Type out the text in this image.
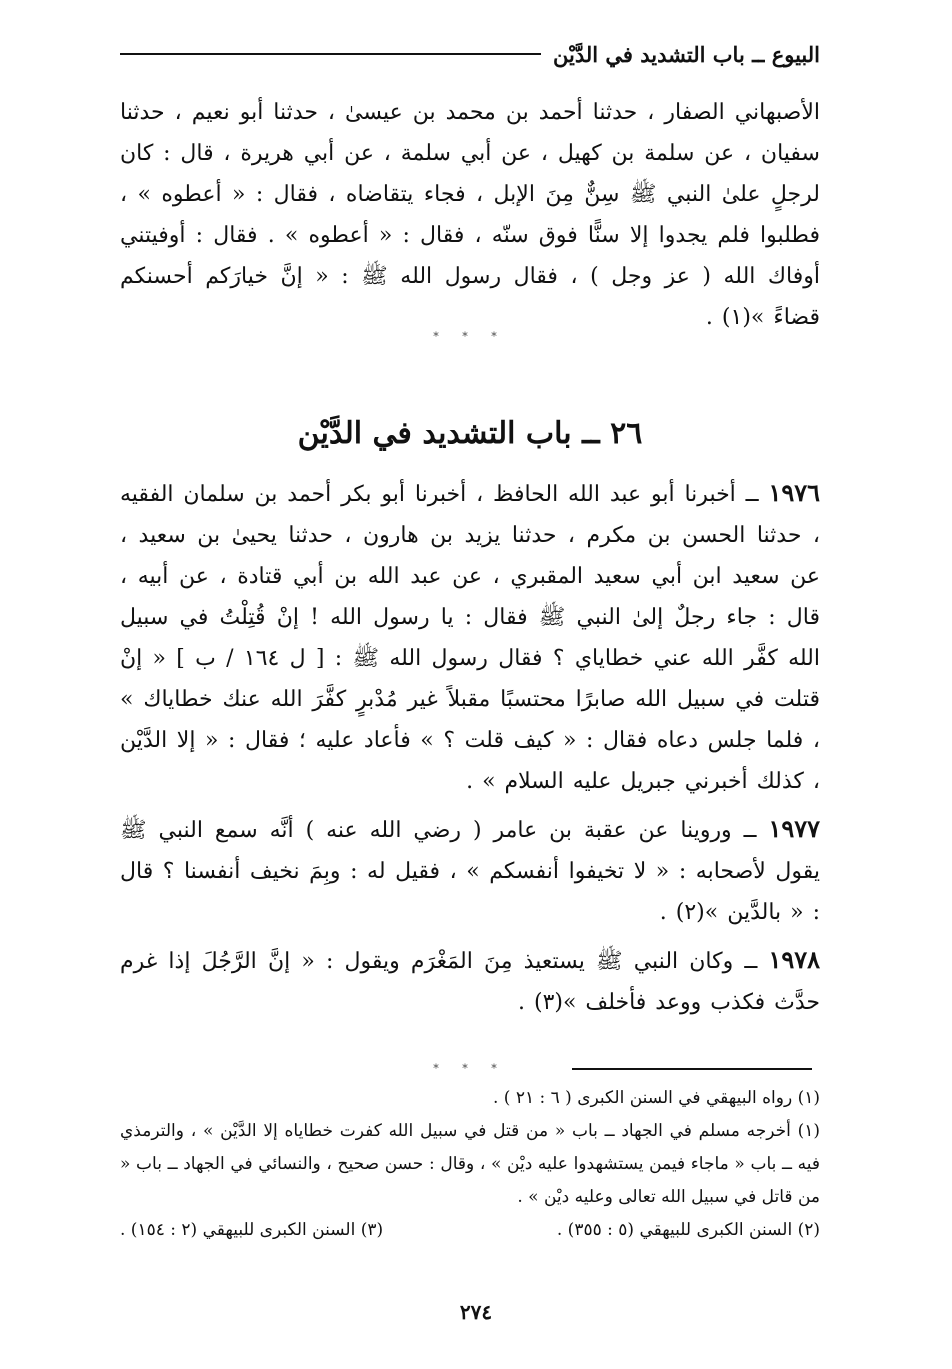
البيوع ــ باب التشديد في الدَّيْن

الأصبهاني الصفار ، حدثنا أحمد بن محمد بن عيسىٰ ، حدثنا أبو نعيم ، حدثنا سفيان ، عن سلمة بن كهيل ، عن أبي سلمة ، عن أبي هريرة ، قال : كان لرجلٍ علىٰ النبي ﷺ سِنٌّ مِنَ الإبل ، فجاء يتقاضاه ، فقال : « أعطوه » ، فطلبوا فلم يجدوا إلا سنًّا فوق سنّه ، فقال : « أعطوه » . فقال : أوفيتني أوفاك الله ( عز وجل ) ، فقال رسول الله ﷺ : « إنَّ خيارَكم أحسنكم قضاءً »(١) .

* * *
٢٦ ــ باب التشديد في الدَّيْن

١٩٧٦ ــ أخبرنا أبو عبد الله الحافظ ، أخبرنا أبو بكر أحمد بن سلمان الفقيه ، حدثنا الحسن بن مكرم ، حدثنا يزيد بن هارون ، حدثنا يحيىٰ بن سعيد ، عن سعيد ابن أبي سعيد المقبري ، عن عبد الله بن أبي قتادة ، عن أبيه ، قال : جاء رجلٌ إلىٰ النبي ﷺ فقال : يا رسول الله ! إنْ قُتِلْتُ في سبيل الله كفَّر الله عني خطاياي ؟ فقال رسول الله ﷺ : [ ل ١٦٤ / ب ] « إنْ قتلت في سبيل الله صابرًا محتسبًا مقبلاً غير مُدْبرٍ كفَّرَ الله عنك خطاياك » ، فلما جلس دعاه فقال : « كيف قلت ؟ » فأعاد عليه ؛ فقال : « إلا الدَّيْن ، كذلك أخبرني جبريل عليه السلام » .

١٩٧٧ ــ وروينا عن عقبة بن عامر ( رضي الله عنه ) أنَّه سمع النبي ﷺ يقول لأصحابه : « لا تخيفوا أنفسكم » ، فقيل له : وبِمَ نخيف أنفسنا ؟ قال : « بالدَّين »(٢) .

١٩٧٨ ــ وكان النبي ﷺ يستعيذ مِنَ المَغْرَم ويقول : « إنَّ الرَّجُلَ إذا غرم حدَّث فكذب ووعد فأخلف »(٣) .

* * *

(١) رواه البيهقي في السنن الكبرى ( ٦ : ٢١ ) .

(١) أخرجه مسلم في الجهاد ــ باب « من قتل في سبيل الله كفرت خطاياه إلا الدَّيْن » ، والترمذي فيه ــ باب « ماجاء فيمن يستشهدوا عليه ديْن » ، وقال : حسن صحيح ، والنسائي في الجهاد ــ باب « من قاتل في سبيل الله تعالى وعليه ديْن » .

(٢) السنن الكبرى للبيهقي (٥ : ٣٥٥) .

(٣) السنن الكبرى للبيهقي (٢ : ١٥٤) .

٢٧٤
